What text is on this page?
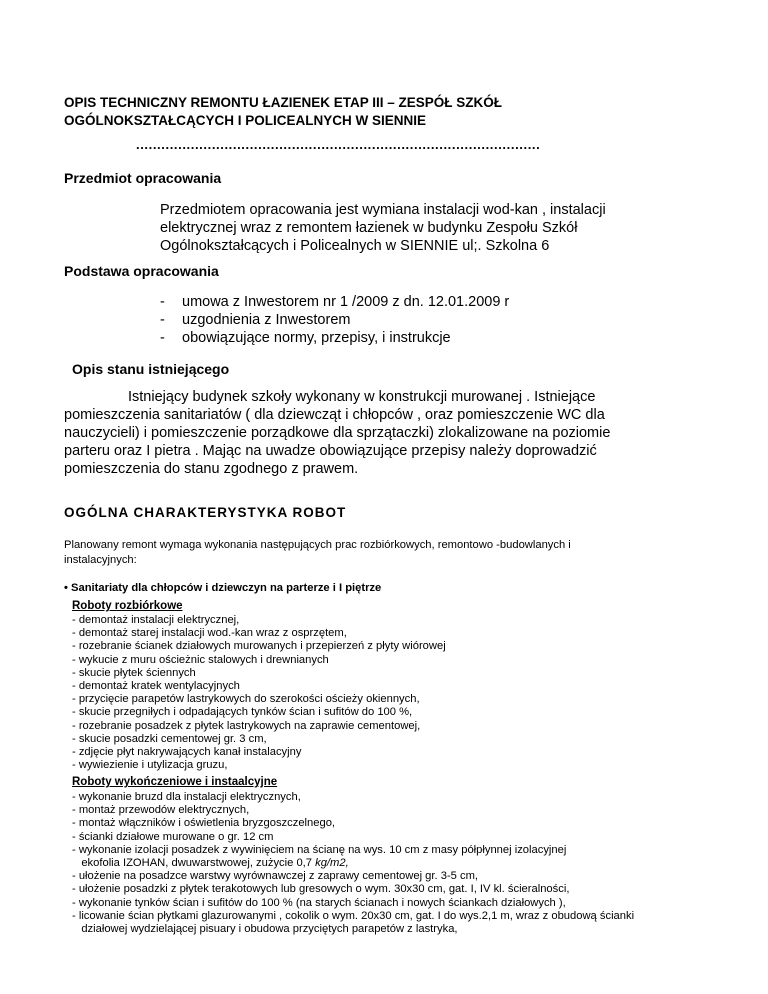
OPIS TECHNICZNY REMONTU ŁAZIENEK ETAP III – ZESPÓŁ SZKÓŁ
OGÓLNOKSZTAŁCĄCYCH I POLICEALNYCH W SIENNIE
................................................................................................
Przedmiot opracowania
Przedmiotem opracowania jest wymiana instalacji wod-kan , instalacji
elektrycznej wraz z remontem łazienek w budynku Zespołu Szkół
Ogólnokształcących i Policealnych w SIENNIE ul;. Szkolna 6
Podstawa opracowania
- umowa z Inwestorem nr 1 /2009 z dn. 12.01.2009 r
- uzgodnienia z Inwestorem
- obowiązujące normy, przepisy, i instrukcje
Opis stanu istniejącego
Istniejący budynek szkoły wykonany w konstrukcji murowanej . Istniejące
pomieszczenia sanitariatów ( dla dziewcząt i chłopców , oraz pomieszczenie WC dla
nauczycieli) i pomieszczenie porządkowe dla sprzątaczki) zlokalizowane na poziomie
parteru oraz I pietra . Mając na uwadze obowiązujące przepisy należy doprowadzić
pomieszczenia do stanu zgodnego z prawem.
OGÓLNA CHARAKTERYSTYKA ROBOT
Planowany remont wymaga wykonania następujących prac rozbiórkowych, remontowo -budowlanych i
instalacyjnych:
• Sanitariaty dla chłopców i dziewczyn na parterze i I piętrze
Roboty rozbiórkowe
- demontaż instalacji elektrycznej,
- demontaż starej instalacji wod.-kan wraz z osprzętem,
- rozebranie ścianek działowych murowanych i przepierzeń z płyty wiórowej
- wykucie z muru ościeżnic stalowych i drewnianych
- skucie płytek ściennych
- demontaż kratek wentylacyjnych
- przycięcie parapetów lastrykowych do szerokości ościeży okiennych,
- skucie przegniłych i odpadających tynków ścian i sufitów do 100 %,
- rozebranie posadzek z płytek lastrykowych na zaprawie cementowej,
- skucie posadzki cementowej gr. 3 cm,
- zdjęcie płyt nakrywających kanał instalacyjny
- wywiezienie i utylizacja gruzu,
Roboty wykończeniowe i instaalcyjne
- wykonanie bruzd dla instalacji elektrycznych,
- montaż przewodów elektrycznych,
- montaż włączników i oświetlenia bryzgoszczelnego,
- ścianki działowe murowane o gr. 12 cm
- wykonanie izolacji posadzek z wywinięciem na ścianę na wys. 10 cm z masy półpłynnej izolacyjnej
ekofolia IZOHAN, dwuwarstwowej, zużycie 0,7 kg/m2,
- ułożenie na posadzce warstwy wyrównawczej z zaprawy cementowej gr. 3-5 cm,
- ułożenie posadzki z płytek terakotowych lub gresowych o wym. 30x30 cm, gat. I, IV kl. ścieralności,
- wykonanie tynków ścian i sufitów do 100 % (na starych ścianach i nowych ściankach działowych ),
- licowanie ścian płytkami glazurowanymi , cokolik o wym. 20x30 cm, gat. I do wys.2,1 m, wraz z obudową ścianki
działowej wydzielającej pisuary i obudowa przyciętych parapetów z lastryka,
